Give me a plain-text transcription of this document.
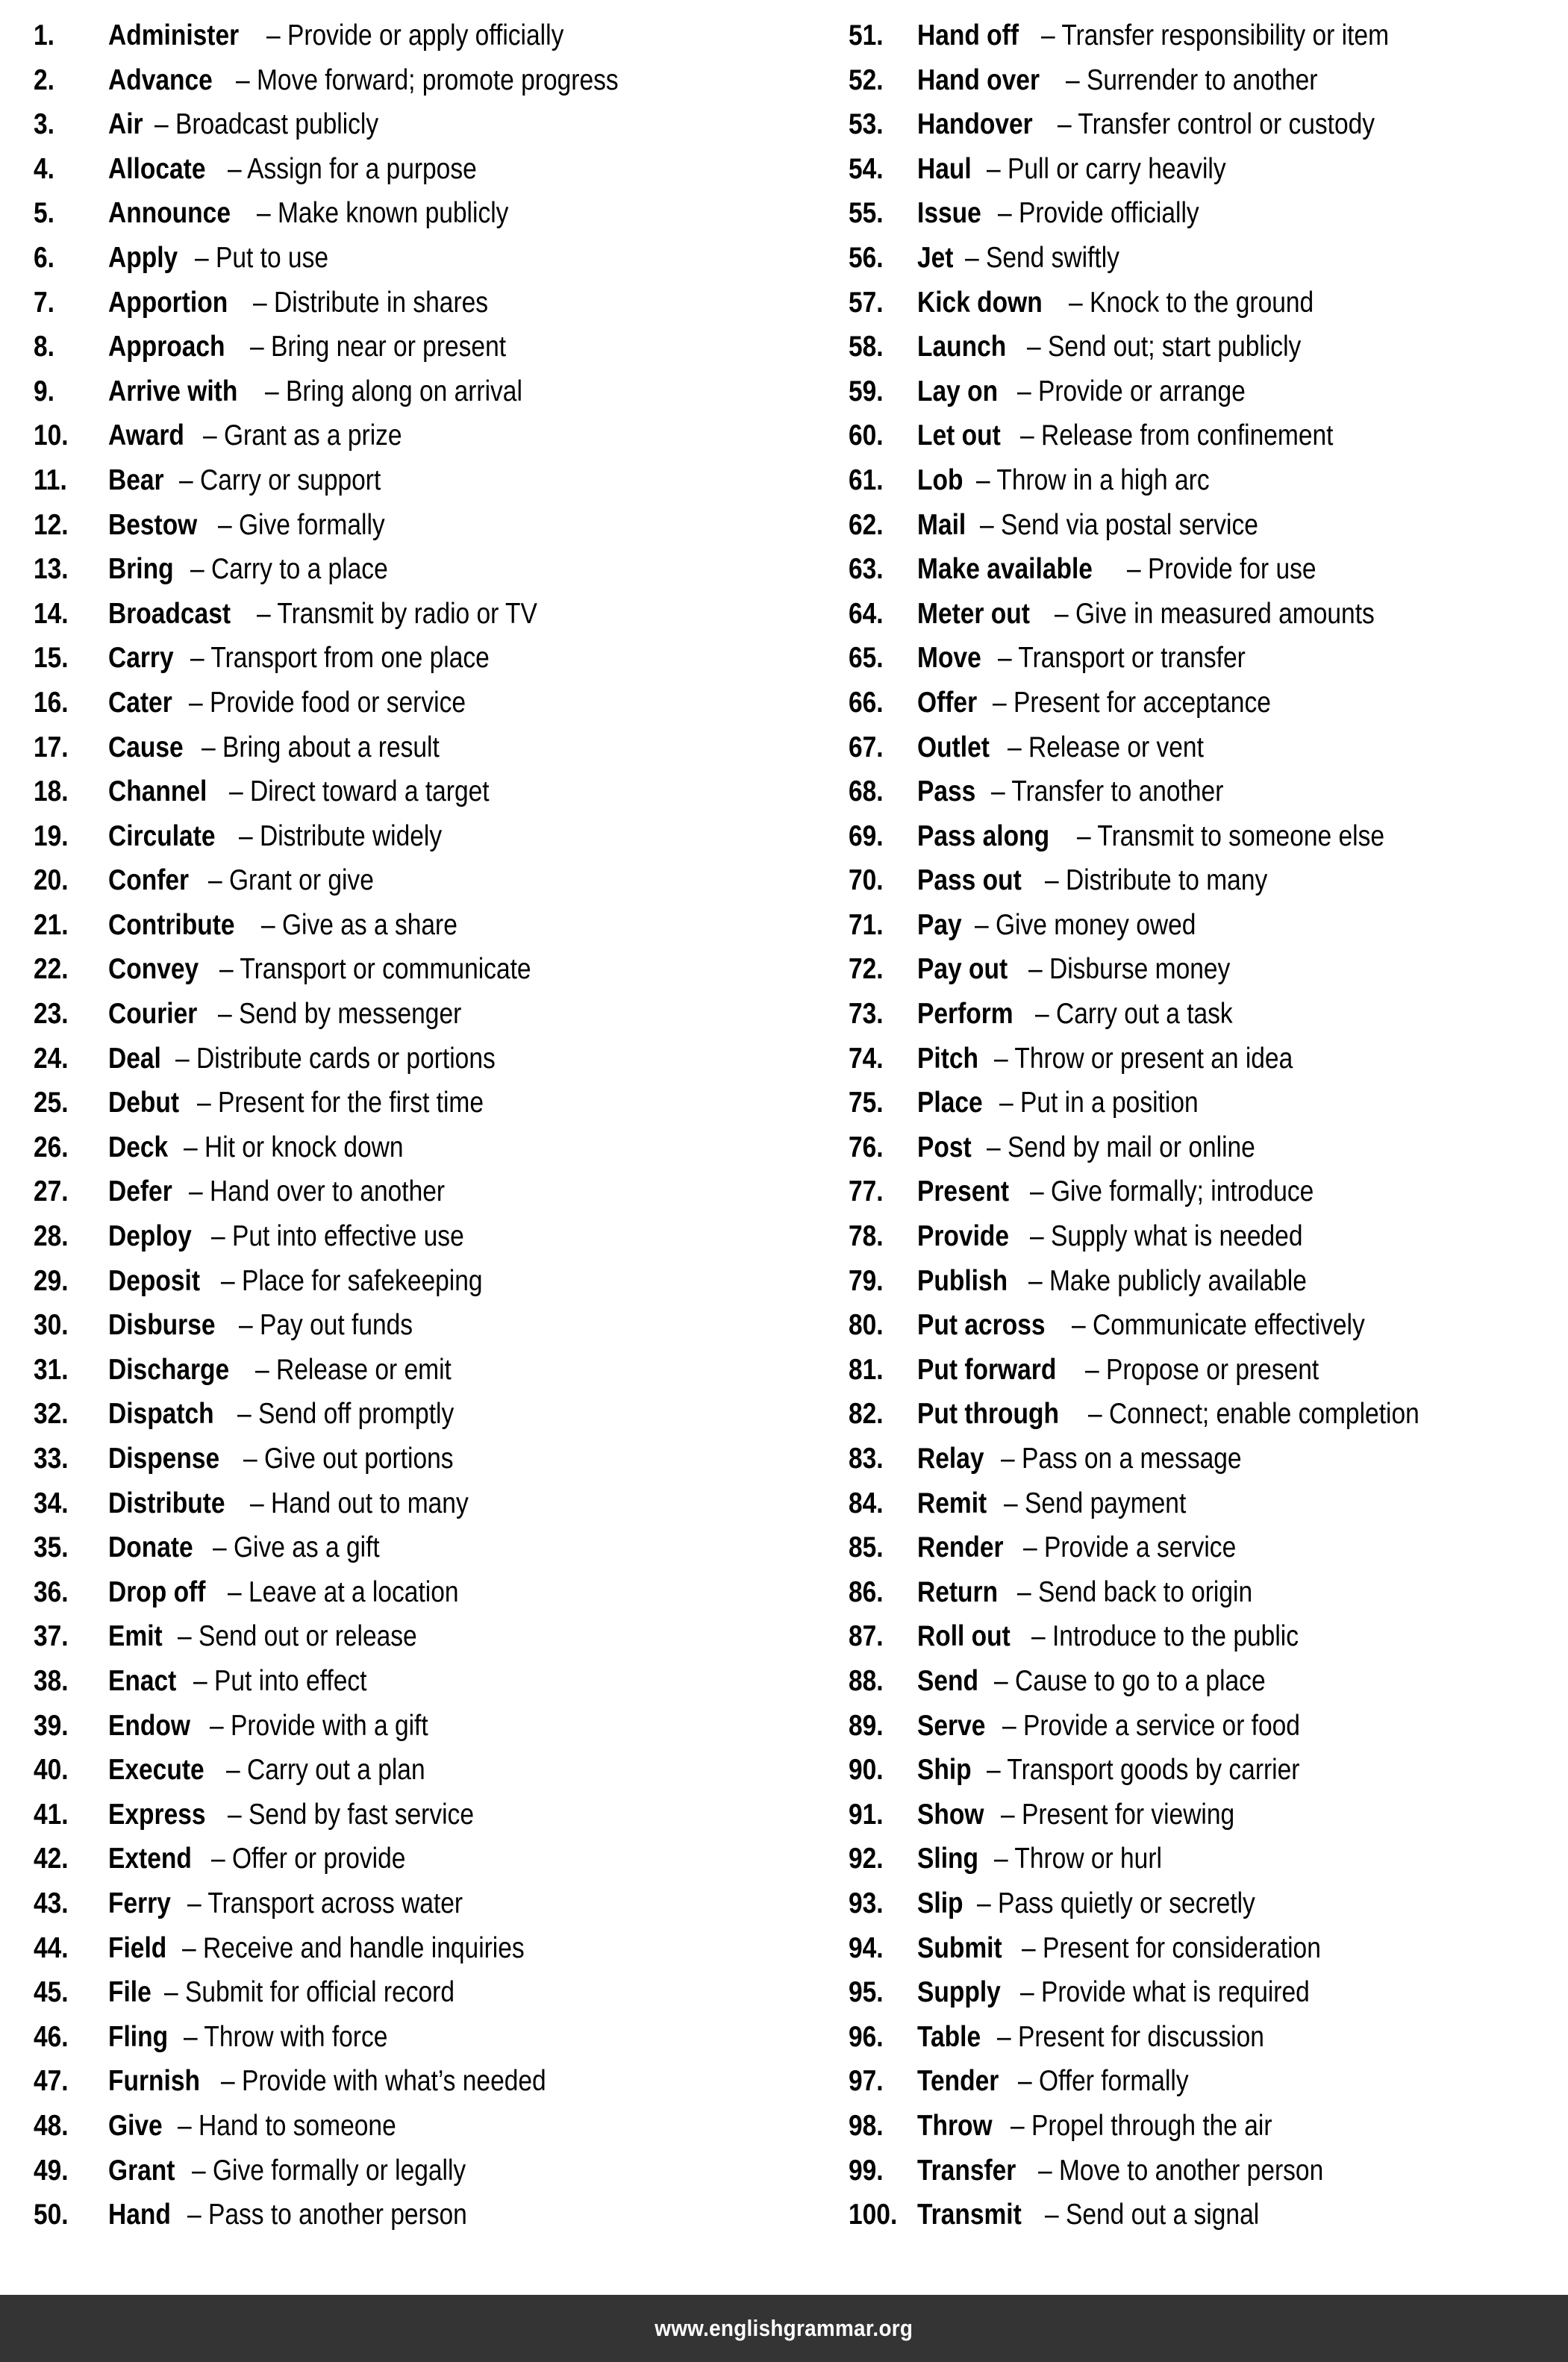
1.	Administer – Provide or apply officially
2.	Advance – Move forward; promote progress
3.	Air – Broadcast publicly
4.	Allocate – Assign for a purpose
5.	Announce – Make known publicly
6.	Apply – Put to use
7.	Apportion – Distribute in shares
8.	Approach – Bring near or present
9.	Arrive with – Bring along on arrival
10.	Award – Grant as a prize
11.	Bear – Carry or support
12.	Bestow – Give formally
13.	Bring – Carry to a place
14.	Broadcast – Transmit by radio or TV
15.	Carry – Transport from one place
16.	Cater – Provide food or service
17.	Cause – Bring about a result
18.	Channel – Direct toward a target
19.	Circulate – Distribute widely
20.	Confer – Grant or give
21.	Contribute – Give as a share
22.	Convey – Transport or communicate
23.	Courier – Send by messenger
24.	Deal – Distribute cards or portions
25.	Debut – Present for the first time
26.	Deck – Hit or knock down
27.	Defer – Hand over to another
28.	Deploy – Put into effective use
29.	Deposit – Place for safekeeping
30.	Disburse – Pay out funds
31.	Discharge – Release or emit
32.	Dispatch – Send off promptly
33.	Dispense – Give out portions
34.	Distribute – Hand out to many
35.	Donate – Give as a gift
36.	Drop off – Leave at a location
37.	Emit – Send out or release
38.	Enact – Put into effect
39.	Endow – Provide with a gift
40.	Execute – Carry out a plan
41.	Express – Send by fast service
42.	Extend – Offer or provide
43.	Ferry – Transport across water
44.	Field – Receive and handle inquiries
45.	File – Submit for official record
46.	Fling – Throw with force
47.	Furnish – Provide with what’s needed
48.	Give – Hand to someone
49.	Grant – Give formally or legally
50.	Hand – Pass to another person
51.	Hand off – Transfer responsibility or item
52.	Hand over – Surrender to another
53.	Handover – Transfer control or custody
54.	Haul – Pull or carry heavily
55.	Issue – Provide officially
56.	Jet – Send swiftly
57.	Kick down – Knock to the ground
58.	Launch – Send out; start publicly
59.	Lay on – Provide or arrange
60.	Let out – Release from confinement
61.	Lob – Throw in a high arc
62.	Mail – Send via postal service
63.	Make available – Provide for use
64.	Meter out – Give in measured amounts
65.	Move – Transport or transfer
66.	Offer – Present for acceptance
67.	Outlet – Release or vent
68.	Pass – Transfer to another
69.	Pass along – Transmit to someone else
70.	Pass out – Distribute to many
71.	Pay – Give money owed
72.	Pay out – Disburse money
73.	Perform – Carry out a task
74.	Pitch – Throw or present an idea
75.	Place – Put in a position
76.	Post – Send by mail or online
77.	Present – Give formally; introduce
78.	Provide – Supply what is needed
79.	Publish – Make publicly available
80.	Put across – Communicate effectively
81.	Put forward – Propose or present
82.	Put through – Connect; enable completion
83.	Relay – Pass on a message
84.	Remit – Send payment
85.	Render – Provide a service
86.	Return – Send back to origin
87.	Roll out – Introduce to the public
88.	Send – Cause to go to a place
89.	Serve – Provide a service or food
90.	Ship – Transport goods by carrier
91.	Show – Present for viewing
92.	Sling – Throw or hurl
93.	Slip – Pass quietly or secretly
94.	Submit – Present for consideration
95.	Supply – Provide what is required
96.	Table – Present for discussion
97.	Tender – Offer formally
98.	Throw – Propel through the air
99.	Transfer – Move to another person
100. Transmit – Send out a signal
www.englishgrammar.org
